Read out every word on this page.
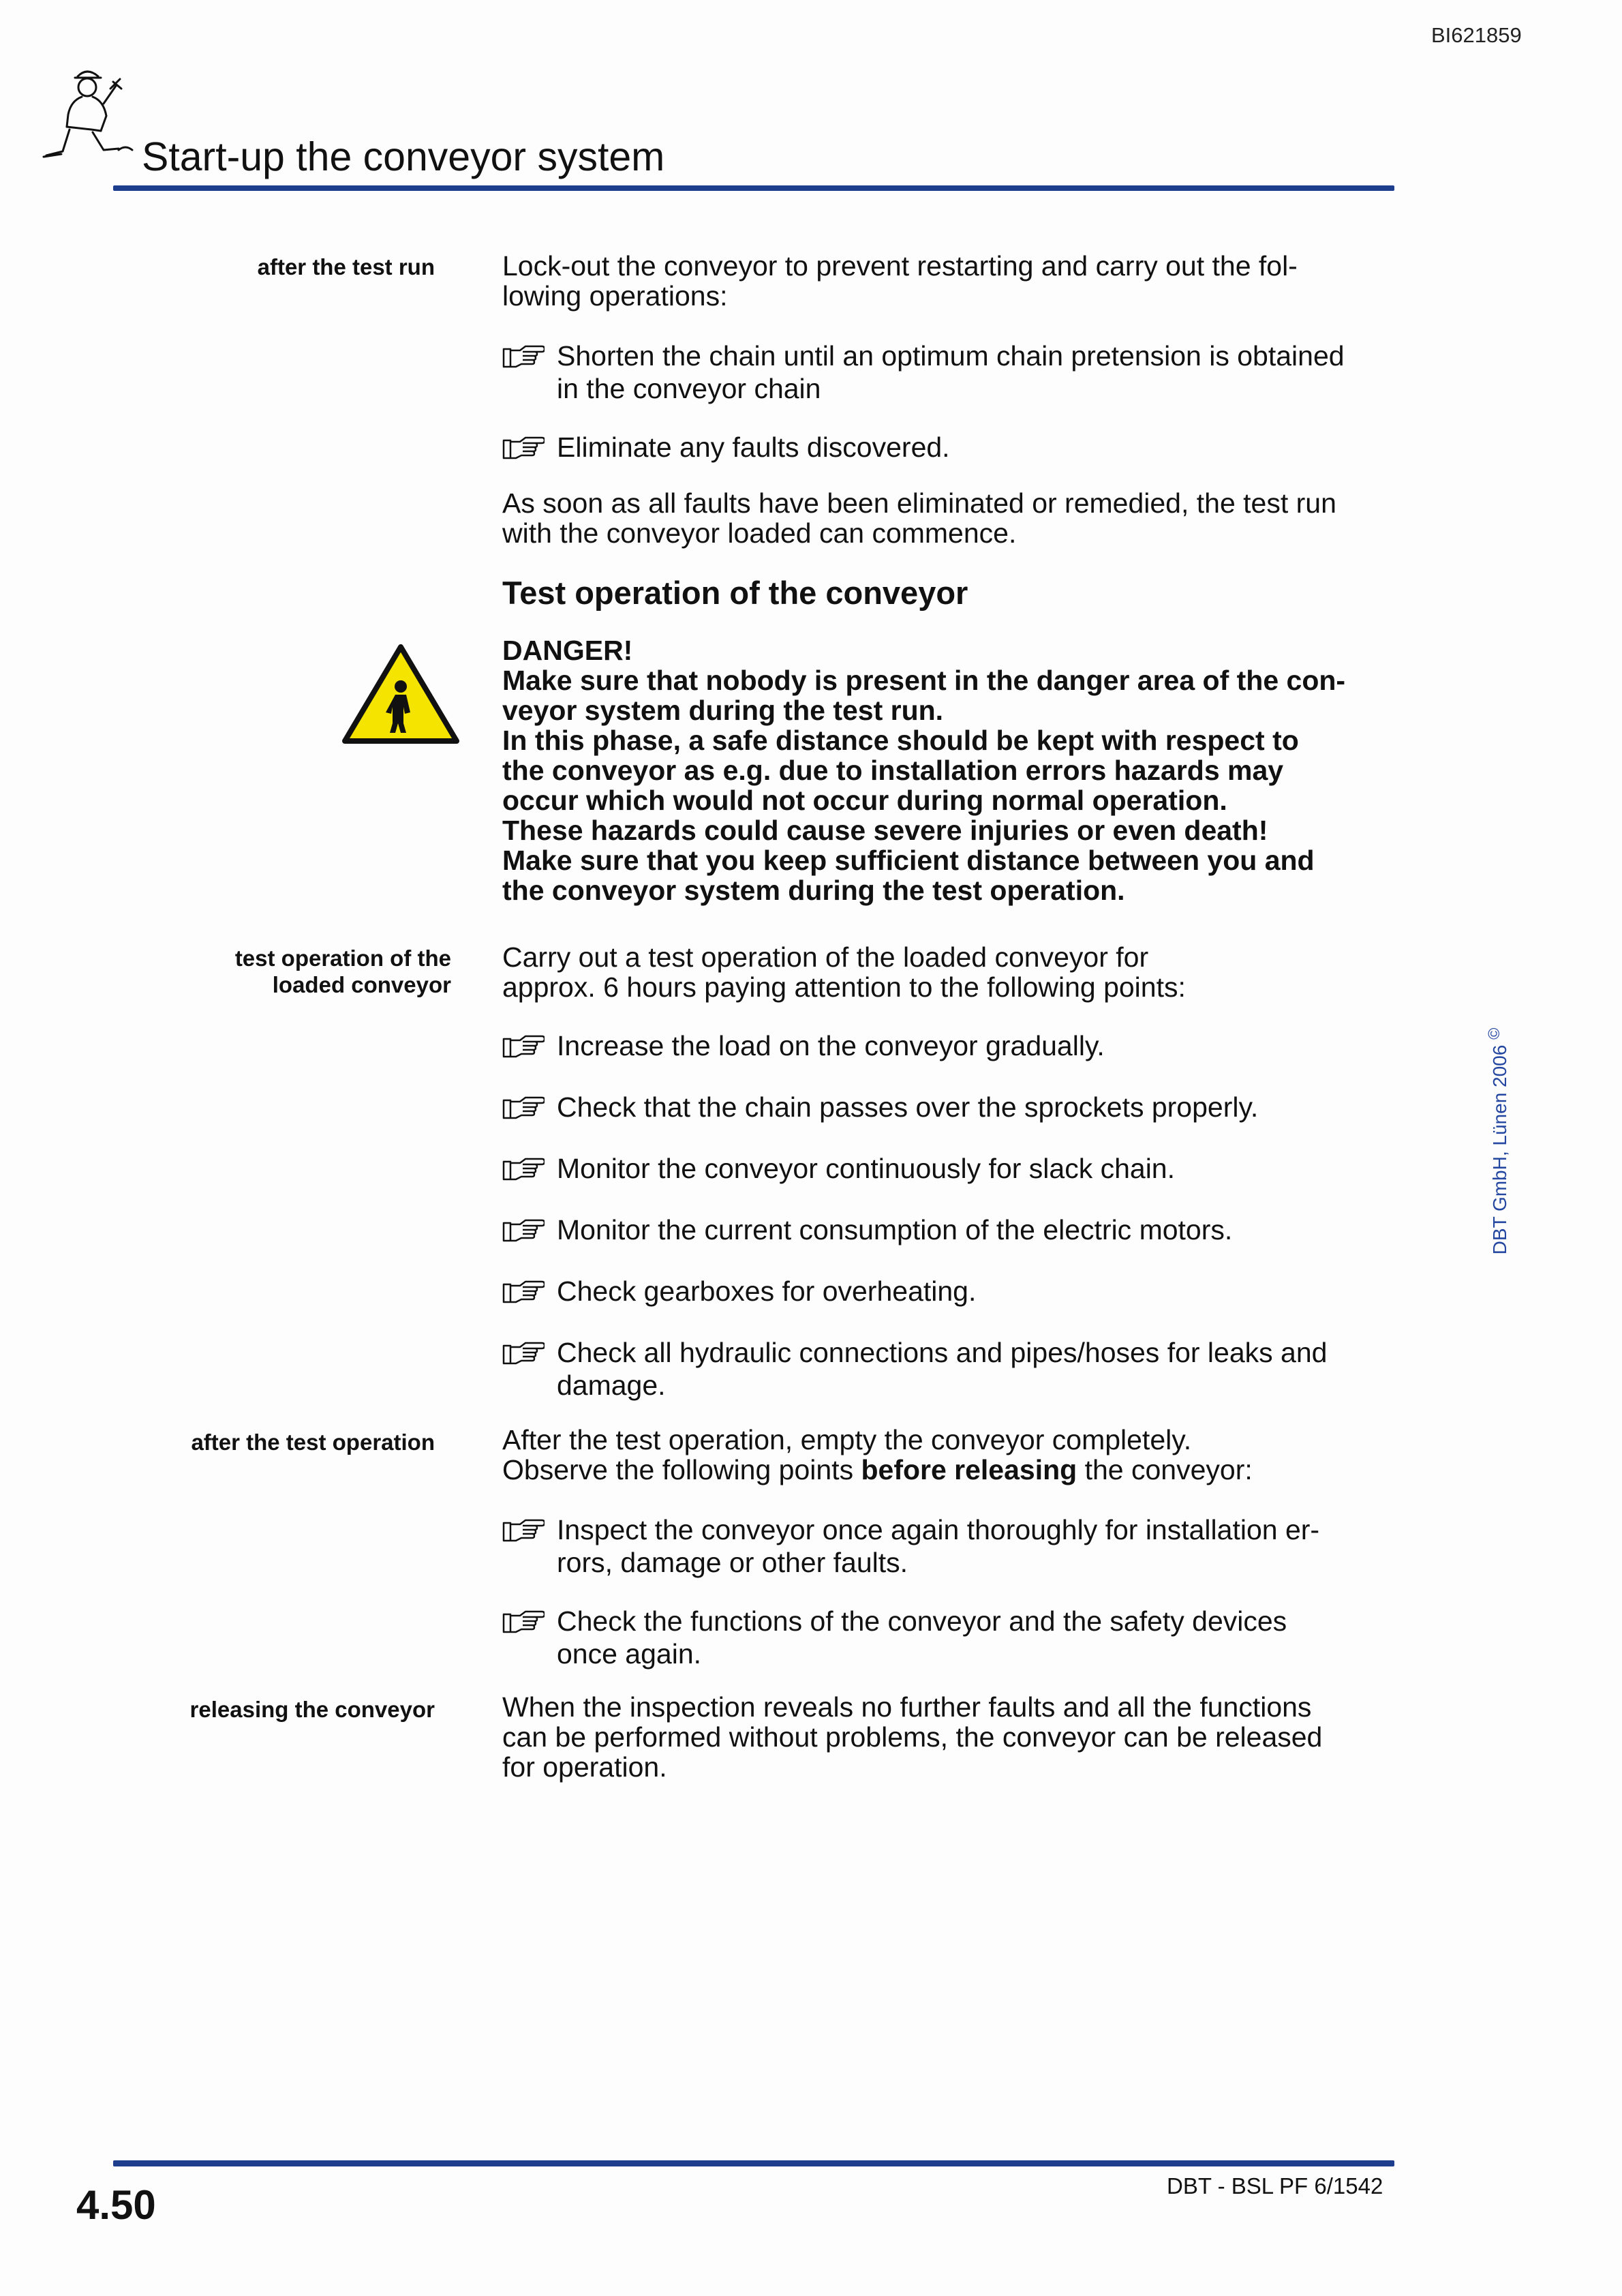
BI621859
Start-up the conveyor system
after the test run Lock-out the conveyor to prevent restarting and carry out the fol-
lowing operations:
Shorten the chain until an optimum chain pretension is obtained
in the conveyor chain
Eliminate any faults discovered.
As soon as all faults have been eliminated or remedied, the test run
with the conveyor loaded can commence.
Test operation of the conveyor

DANGER!

Make sure that nobody is present in the danger area of the con-

veyor system during the test run.

In this phase, a safe distance should be kept with respect to

the conveyor as e.g. due to installation errors hazards may

occur which would not occur during normal operation.

These hazards could cause severe injuries or even death!

Make sure that you keep sufficient distance between you and

the conveyor system during the test operation.

test operation of the
loaded conveyor
Carry out a test operation of the loaded conveyor for
approx. 6 hours paying attention to the following points:
Increase the load on the conveyor gradually.
Check that the chain passes over the sprockets properly.
Monitor the conveyor continuously for slack chain.
Monitor the current consumption of the electric motors.
Check gearboxes for overheating.
Check all hydraulic connections and pipes/hoses for leaks and
damage.
after the test operation After the test operation, empty the conveyor completely.
Observe the following points before releasing the conveyor:
Inspect the conveyor once again thoroughly for installation er-
rors, damage or other faults.
Check the functions of the conveyor and the safety devices
once again.
releasing the conveyor When the inspection reveals no further faults and all the functions
can be performed without problems, the conveyor can be released
for operation.
DBT GmbH, Lünen 2006 ©
4.50	DBT - BSL PF 6/1542
